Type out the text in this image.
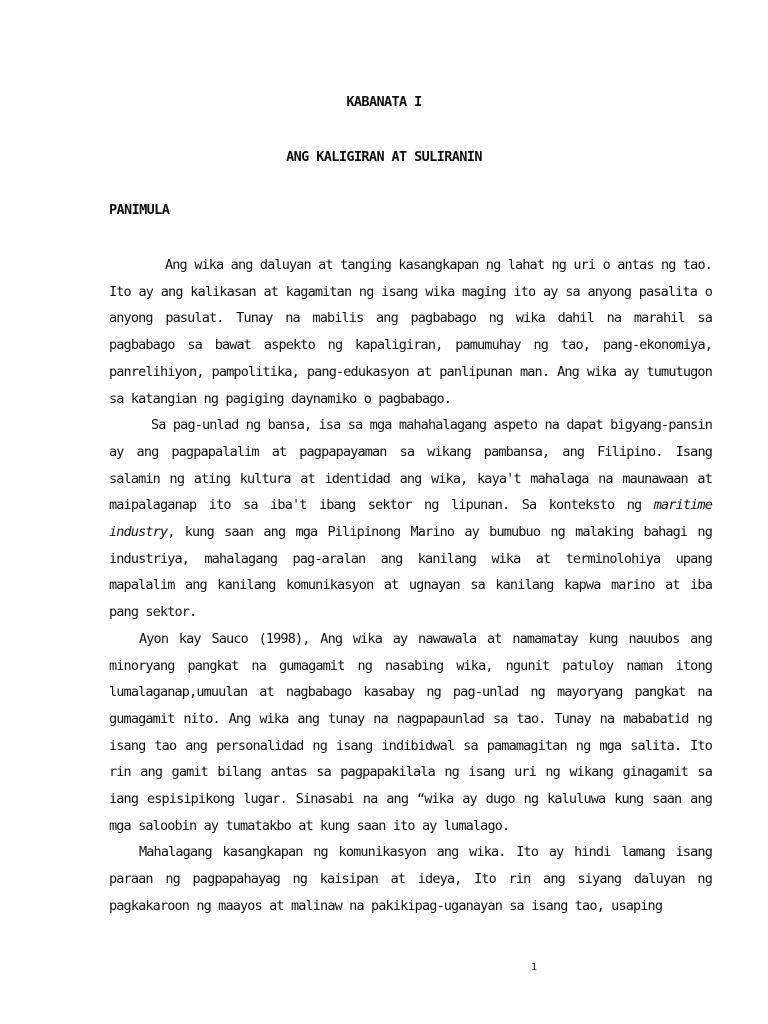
KABANATA I
ANG KALIGIRAN AT SULIRANIN
PANIMULA

Ang wika ang daluyan at tanging kasangkapan ng lahat ng uri o antas ng tao. Ito ay ang kalikasan at kagamitan ng isang wika maging ito ay sa anyong pasalita o anyong pasulat. Tunay na mabilis ang pagbabago ng wika dahil na marahil sa pagbabago sa bawat aspekto ng kapaligiran, pamumuhay ng tao, pang-ekonomiya, panrelihiyon, pampolitika, pang-edukasyon at panlipunan man. Ang wika ay tumutugon sa katangian ng pagiging daynamiko o pagbabago.

Sa pag-unlad ng bansa, isa sa mga mahahalagang aspeto na dapat bigyang-pansin ay ang pagpapalalim at pagpapayaman sa wikang pambansa, ang Filipino. Isang salamin ng ating kultura at identidad ang wika, kaya't mahalaga na maunawaan at maipalaganap ito sa iba't ibang sektor ng lipunan. Sa konteksto ng maritime industry, kung saan ang mga Pilipinong Marino ay bumubuo ng malaking bahagi ng industriya, mahalagang pag-aralan ang kanilang wika at terminolohiya upang mapalalim ang kanilang komunikasyon at ugnayan sa kanilang kapwa marino at iba pang sektor.

Ayon kay Sauco (1998), Ang wika ay nawawala at namamatay kung nauubos ang minoryang pangkat na gumagamit ng nasabing wika, ngunit patuloy naman itong lumalaganap,umuulan at nagbabago kasabay ng pag-unlad ng mayoryang pangkat na gumagamit nito. Ang wika ang tunay na nagpapaunlad sa tao. Tunay na mababatid ng isang tao ang personalidad ng isang indibidwal sa pamamagitan ng mga salita. Ito rin ang gamit bilang antas sa pagpapakilala ng isang uri ng wikang ginagamit sa iang espisipikong lugar. Sinasabi na ang “wika ay dugo ng kaluluwa kung saan ang mga saloobin ay tumatakbo at kung saan ito ay lumalago.

Mahalagang kasangkapan ng komunikasyon ang wika. Ito ay hindi lamang isang paraan ng pagpapahayag ng kaisipan at ideya, Ito rin ang siyang daluyan ng pagkakaroon ng maayos at malinaw na pakikipag-uganayan sa isang tao, usaping

1
